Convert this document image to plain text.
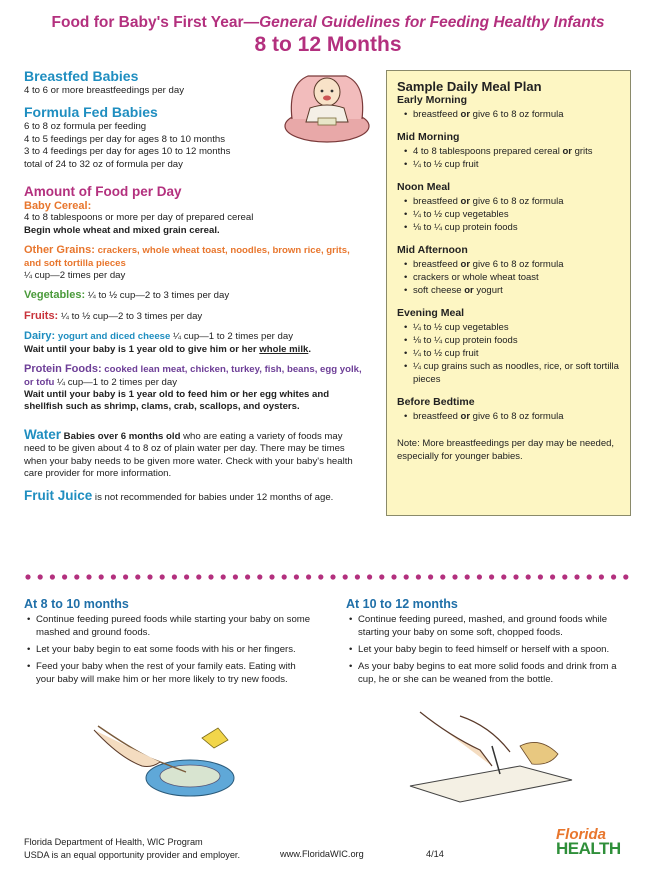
Food for Baby's First Year—General Guidelines for Feeding Healthy Infants
8 to 12 Months

Breastfed Babies

4 to 6 or more breastfeedings per day

Formula Fed Babies

6 to 8 oz formula per feeding

4 to 5 feedings per day for ages 8 to 10 months

3 to 4 feedings per day for ages 10 to 12 months

total of 24 to 32 oz of formula per day

Amount of Food per Day

Baby Cereal:

4 to 8 tablespoons or more per day of prepared cereal

Begin whole wheat and mixed grain cereal.

Other Grains: crackers, whole wheat toast, noodles, brown rice, grits, and soft tortilla pieces

¼ cup—2 times per day

Vegetables: ¼ to ½ cup—2 to 3 times per day

Fruits: ¼ to ½ cup—2 to 3 times per day

Dairy: yogurt and diced cheese ¼ cup—1 to 2 times per day

Wait until your baby is 1 year old to give him or her whole milk.

Protein Foods: cooked lean meat, chicken, turkey, fish, beans, egg yolk, or tofu ¼ cup—1 to 2 times per day

Wait until your baby is 1 year old to feed him or her egg whites and shellfish such as shrimp, clams, crab, scallops, and oysters.

Water Babies over 6 months old who are eating a variety of foods may need to be given about 4 to 8 oz of plain water per day. There may be times when your baby needs to be given more water. Check with your baby's health care provider for more information.

Fruit Juice is not recommended for babies under 12 months of age.

Sample Daily Meal Plan
Early Morning
• breastfeed or give 6 to 8 oz formula
Mid Morning
• 4 to 8 tablespoons prepared cereal or grits
• ¼ to ½ cup fruit
Noon Meal
• breastfeed or give 6 to 8 oz formula
• ¼ to ½ cup vegetables
• ⅛ to ¼ cup protein foods
Mid Afternoon
• breastfeed or give 6 to 8 oz formula
• crackers or whole wheat toast
• soft cheese or yogurt
Evening Meal
• ¼ to ½ cup vegetables
• ⅛ to ¼ cup protein foods
• ¼ to ½ cup fruit
• ¼ cup grains such as noodles, rice, or soft tortilla pieces
Before Bedtime
• breastfeed or give 6 to 8 oz formula
Note: More breastfeedings per day may be needed, especially for younger babies.
At 8 to 10 months
• Continue feeding pureed foods while starting your baby on some mashed and ground foods.
• Let your baby begin to eat some foods with his or her fingers.
• Feed your baby when the rest of your family eats. Eating with your baby will make him or her more likely to try new foods.
At 10 to 12 months
• Continue feeding pureed, mashed, and ground foods while starting your baby on some soft, chopped foods.
• Let your baby begin to feed himself or herself with a spoon.
• As your baby begins to eat more solid foods and drink from a cup, he or she can be weaned from the bottle.
Florida Department of Health, WIC Program
USDA is an equal opportunity provider and employer.	www.FloridaWIC.org	4/14
Florida
HEALTH
